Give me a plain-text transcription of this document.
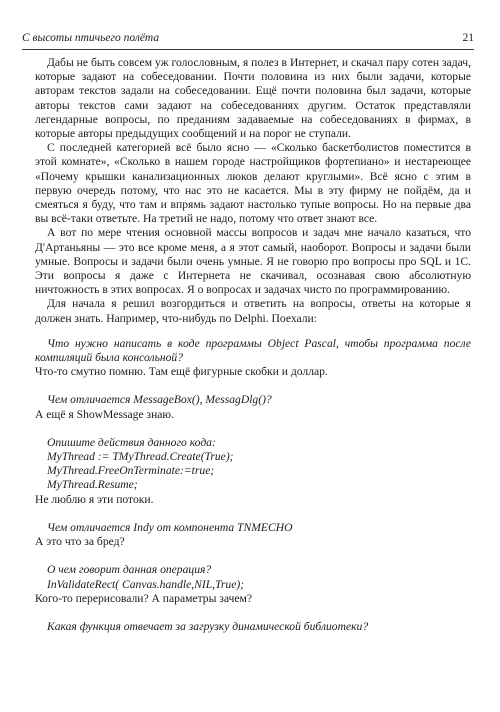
С высоты птичьего полёта	21

Дабы не быть совсем уж голословным, я полез в Интернет, и скачал пару сотен задач, которые задают на собеседовании. Почти половина из них были задачи, которые авторам текстов задали на собеседовании. Ещё почти половина был задачи, которые авторы текстов сами задают на собеседованиях другим. Остаток представляли легендарные вопросы, по преданиям задаваемые на собеседованиях в фирмах, в которые авторы предыдущих сообщений и на порог не ступали.

С последней категорией всё было ясно — «Сколько баскетболистов поместится в этой комнате», «Сколько в нашем городе настройщиков фортепиано» и нестареющее «Почему крышки канализационных люков делают круглыми». Всё ясно с этим в первую очередь потому, что нас это не касается. Мы в эту фирму не пойдём, да и смеяться я буду, что там и впрямь задают настолько тупые вопросы. Но на первые два вы всё-таки ответьте. На третий не надо, потому что ответ знают все.

А вот по мере чтения основной массы вопросов и задач мне начало казаться, что Д'Артаньяны — это все кроме меня, а я этот самый, наоборот. Вопросы и задачи были умные. Вопросы и задачи были очень умные. Я не говорю про вопросы про SQL и 1С. Эти вопросы я даже с Интернета не скачивал, осознавая свою абсолютную ничтожность в этих вопросах. Я о вопросах и задачах чисто по программированию.

Для начала я решил возгордиться и ответить на вопросы, ответы на которые я должен знать. Например, что-нибудь по Delphi. Поехали:

Что нужно написать в коде программы Object Pascal, чтобы программа после компиляций была консольной?
Что-то смутно помню. Там ещё фигурные скобки и доллар.
Чем отличается MessageBox(), MessagDlg()?
А ещё я ShowMessage знаю.
Опишите действия данного кода:
MyThread := TMyThread.Create(True);
MyThread.FreeOnTerminate:=true;
MyThread.Resume;
Не люблю я эти потоки.
Чем отличается Indy от компонента TNMECHO
А это что за бред?
О чем говорит данная операция?
InValidateRect( Canvas.handle,NIL,True);
Кого-то перерисовали? А параметры зачем?
Какая функция отвечает за загрузку динамической библиотеки?
